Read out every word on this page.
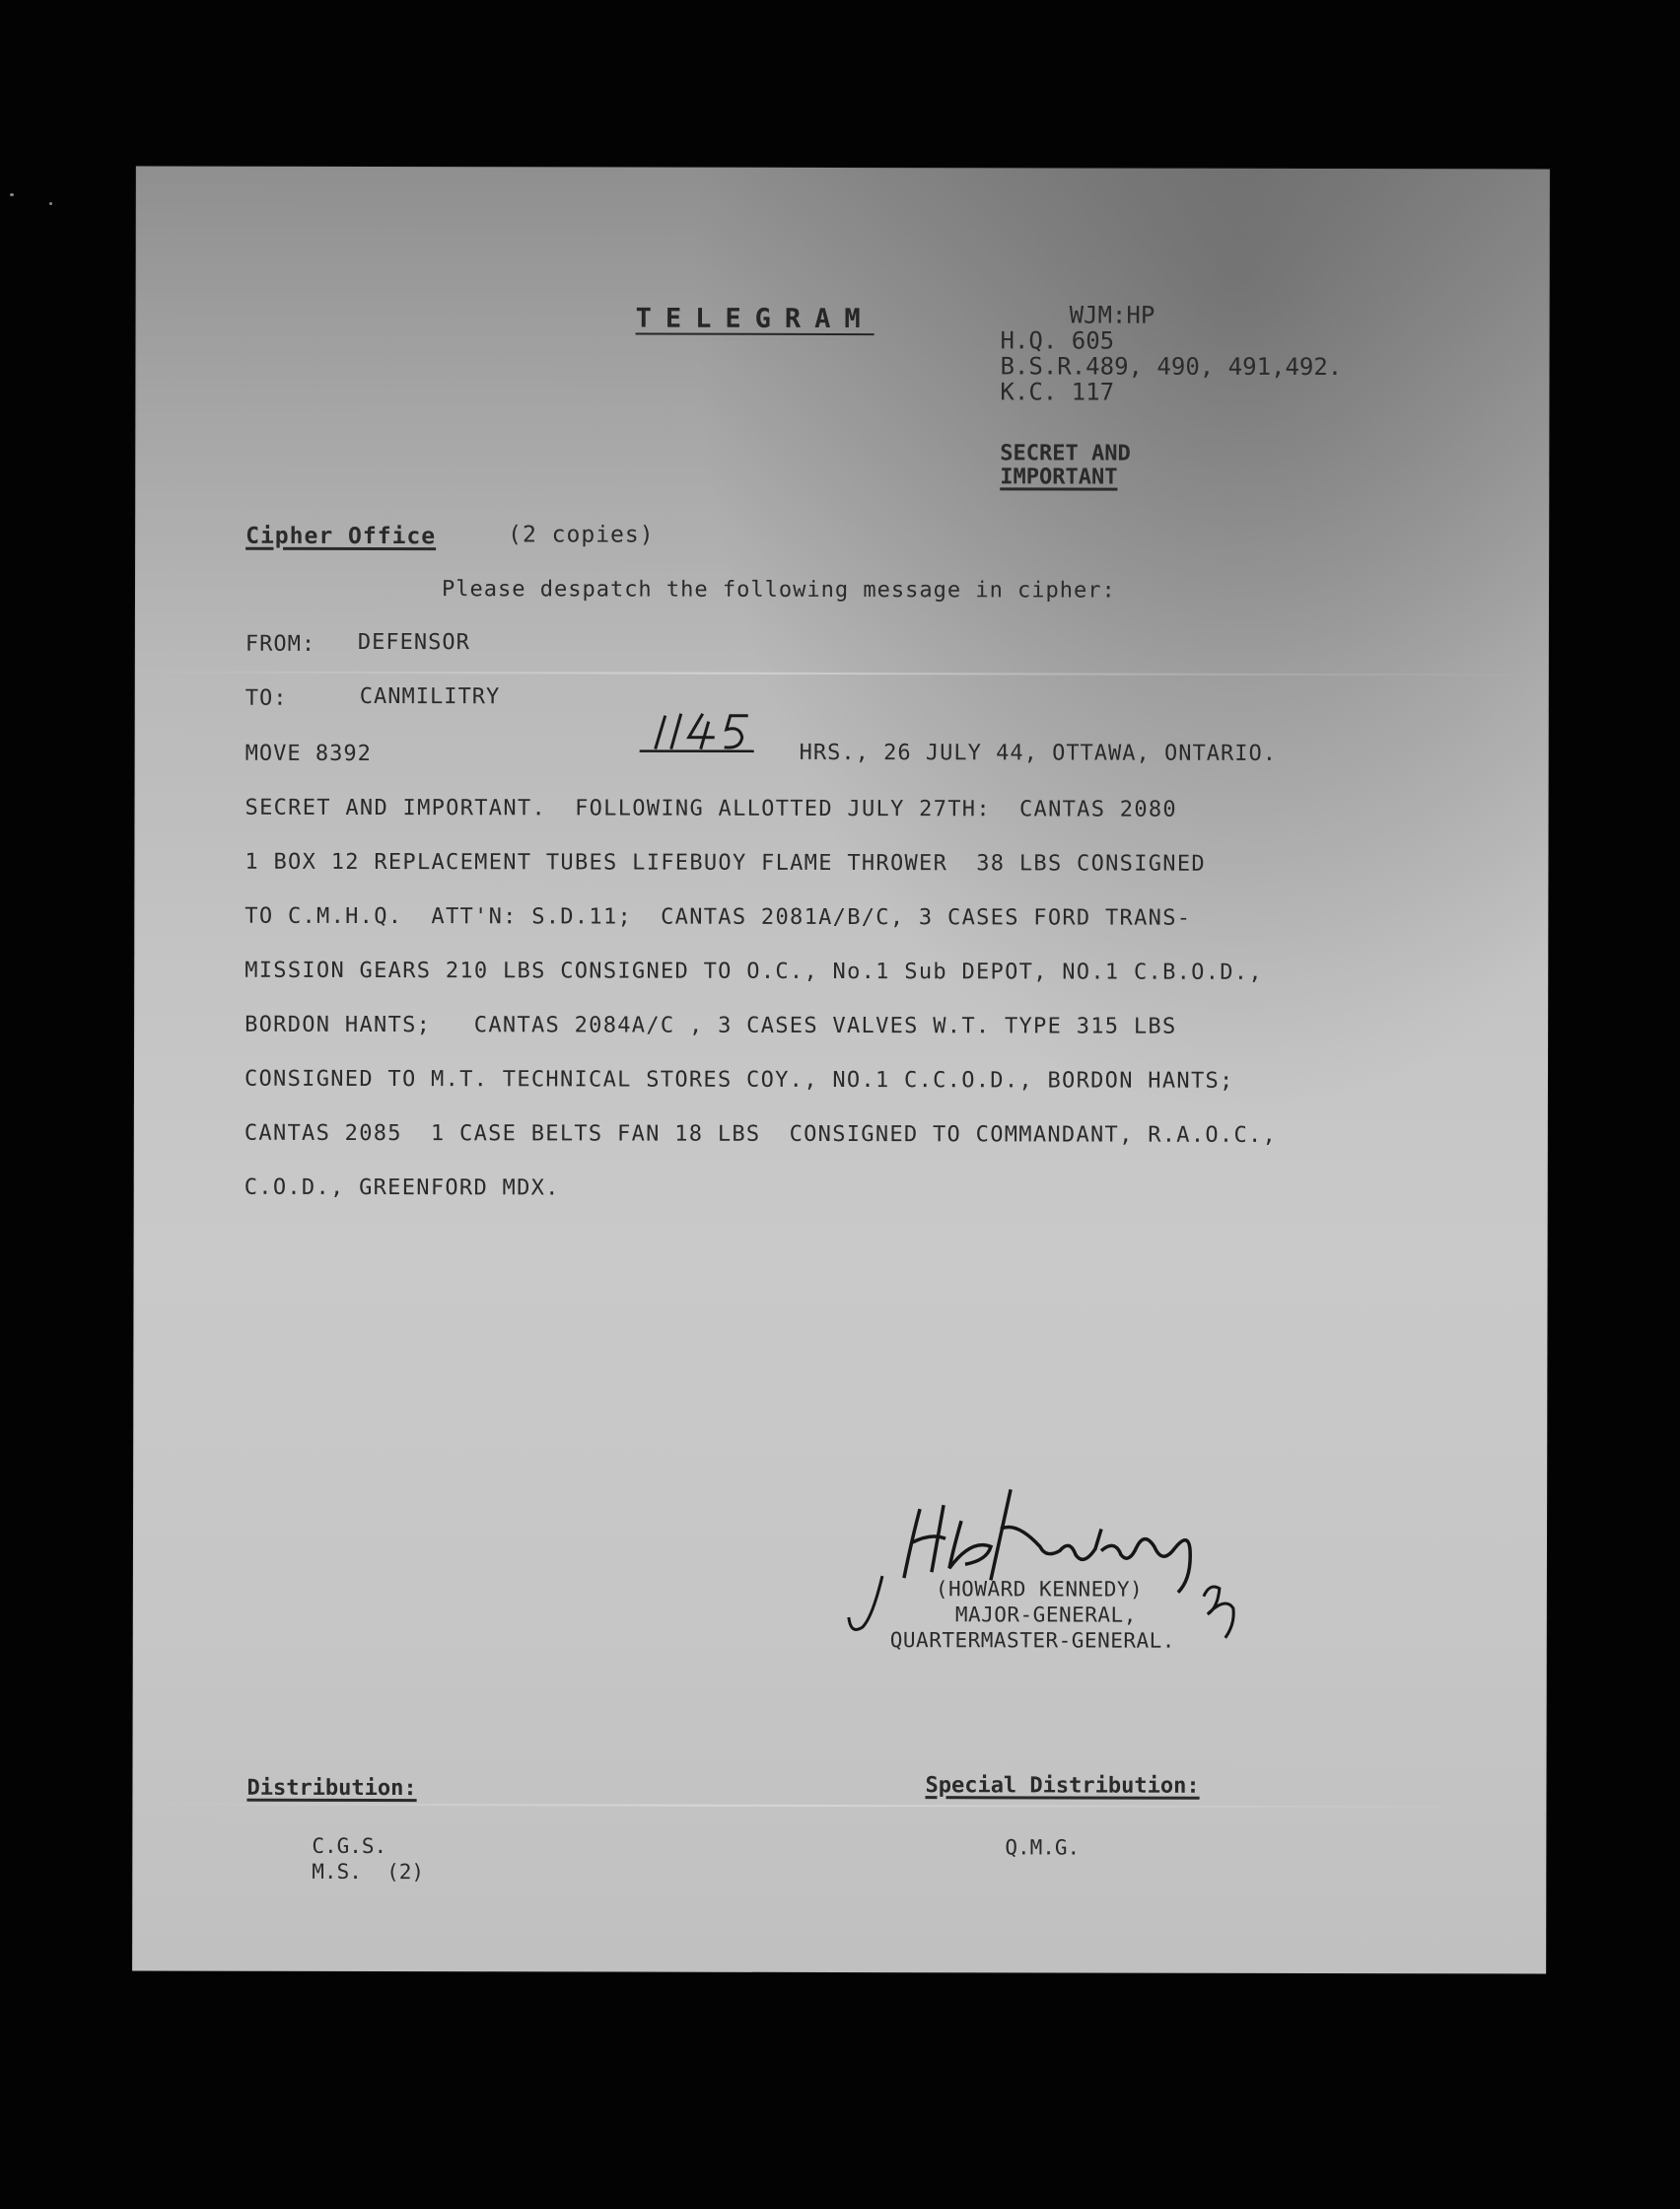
TELEGRAM	WJM:HP
H.Q. 605
B.S.R.489, 490, 491,492.
K.C. 117
SECRET AND
IMPORTANT
Cipher Office	(2 copies)
Please despatch the following message in cipher:
FROM: DEFENSOR
TO:	CANMILITRY
MOVE 8392	HRS., 26 JULY 44, OTTAWA, ONTARIO.
SECRET AND IMPORTANT.  FOLLOWING ALLOTTED JULY 27TH:  CANTAS 2080
1 BOX 12 REPLACEMENT TUBES LIFEBUOY FLAME THROWER  38 LBS CONSIGNED
TO C.M.H.Q.  ATT'N: S.D.11;  CANTAS 2081A/B/C, 3 CASES FORD TRANS-
MISSION GEARS 210 LBS CONSIGNED TO O.C., No.1 Sub DEPOT, NO.1 C.B.O.D.,
BORDON HANTS;   CANTAS 2084A/C , 3 CASES VALVES W.T. TYPE 315 LBS
CONSIGNED TO M.T. TECHNICAL STORES COY., NO.1 C.C.O.D., BORDON HANTS;
CANTAS 2085  1 CASE BELTS FAN 18 LBS  CONSIGNED TO COMMANDANT, R.A.O.C.,
C.O.D., GREENFORD MDX.
(HOWARD KENNEDY)
MAJOR-GENERAL,
QUARTERMASTER-GENERAL.
Distribution:
C.G.S.
M.S.  (2)
Special Distribution:
Q.M.G.
